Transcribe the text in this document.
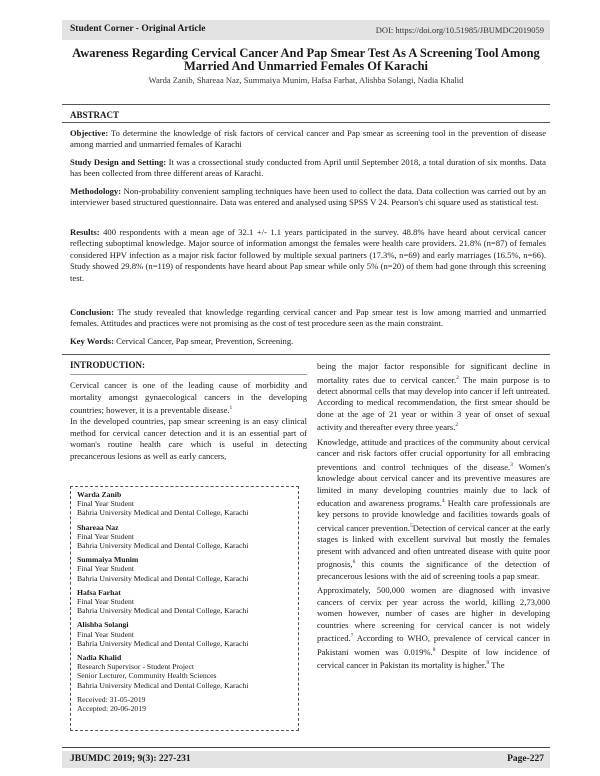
Student Corner - Original Article	DOI: https://doi.org/10.51985/JBUMDC2019059
Awareness Regarding Cervical Cancer And Pap Smear Test As A Screening Tool Among Married And Unmarried Females Of Karachi
Warda Zanib, Shareaa Naz, Summaiya Munim, Hafsa Farhat, Alishba Solangi, Nadia Khalid
ABSTRACT

Objective: To determine the knowledge of risk factors of cervical cancer and Pap smear as screening tool in the prevention of disease among married and unmarried females of Karachi

Study Design and Setting: It was a crossectional study conducted from April until September 2018, a total duration of six months. Data has been collected from three different areas of Karachi.

Methodology: Non-probability convenient sampling techniques have been used to collect the data. Data collection was carried out by an interviewer based structured questionnaire. Data was entered and analysed using SPSS V 24. Pearson's chi square used as statistical test.

Results: 400 respondents with a mean age of 32.1 +/- 1.1 years participated in the survey. 48.8% have heard about cervical cancer reflecting suboptimal knowledge. Major source of information amongst the females were health care providers. 21.8% (n=87) of females considered HPV infection as a major risk factor followed by multiple sexual partners (17.3%, n=69) and early marriages (16.5%, n=66). Study showed 29.8% (n=119) of respondents have heard about Pap smear while only 5% (n=20) of them had gone through this screening test.

Conclusion: The study revealed that knowledge regarding cervical cancer and Pap smear test is low among married and unmarried females. Attitudes and practices were not promising as the cost of test procedure seen as the main constraint.

Key Words: Cervical Cancer, Pap smear, Prevention, Screening.

INTRODUCTION:

Cervical cancer is one of the leading cause of morbidity and mortality amongst gynaecological cancers in the developing countries; however, it is a preventable disease.$^1$

In the developed countries, pap smear screening is an easy clinical method for cervical cancer detection and it is an essential part of woman's routine health care which is useful in detecting precancerous lesions as well as early cancers,

Warda Zanib
Final Year Student
Bahria University Medical and Dental College, Karachi
Shareaa Naz
Final Year Student
Bahria University Medical and Dental College, Karachi
Summaiya Munim
Final Year Student
Bahria University Medical and Dental College, Karachi
Hafsa Farhat
Final Year Student
Bahria University Medical and Dental College, Karachi
Alishba Solangi
Final Year Student
Bahria University Medical and Dental College, Karachi
Nadia Khalid
Research Supervisor - Student Project
Senior Lecturer, Community Health Sciences
Bahria University Medical and Dental College, Karachi
Received: 31-05-2019
Accepted: 20-06-2019

being the major factor responsible for significant decline in mortality rates due to cervical cancer.$^2$ The main purpose is to detect abnormal cells that may develop into cancer if left untreated. According to medical recommendation, the first smear should be done at the age of 21 year or within 3 year of onset of sexual activity and thereafter every three years.$^2$

Knowledge, attitude and practices of the community about cervical cancer and risk factors offer crucial opportunity for all embracing preventions and control techniques of the disease.$^3$ Women's knowledge about cervical cancer and its preventive measures are limited in many developing countries mainly due to lack of education and awareness programs.$^4$ Health care professionals are key persons to provide knowledge and facilities towards goals of cervical cancer prevention.$^5$Detection of cervical cancer at the early stages is linked with excellent survival but mostly the females present with advanced and often untreated disease with quite poor prognosis,$^6$ this counts the significance of the detection of precancerous lesions with the aid of screening tools a pap smear.

Approximately, 500,000 women are diagnosed with invasive cancers of cervix per year across the world, killing 2,73,000 women however, number of cases are higher in developing countries where screening for cervical cancer is not widely practiced.$^7$ According to WHO, prevalence of cervical cancer in Pakistani women was 0.019%.$^8$ Despite of low incidence of cervical cancer in Pakistan its mortality is higher.$^9$ The

JBUMDC 2019; 9(3): 227-231	Page-227
